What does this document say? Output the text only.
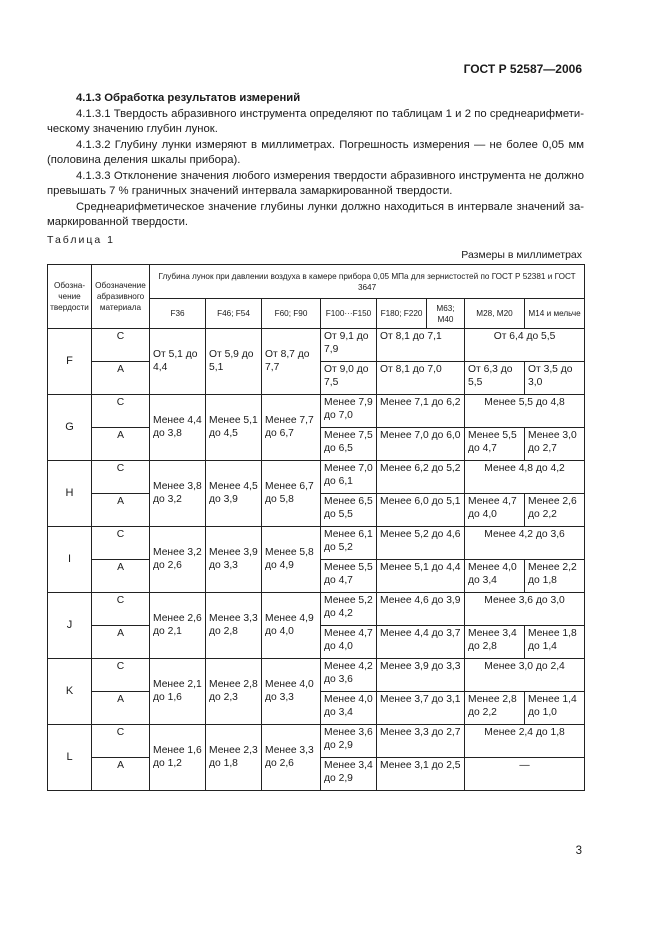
ГОСТ Р 52587—2006

4.1.3 Обработка результатов измерений

4.1.3.1 Твердость абразивного инструмента определяют по таблицам 1 и 2 по среднеарифметическому значению глубин лунок.

4.1.3.2 Глубину лунки измеряют в миллиметрах. Погрешность измерения — не более 0,05 мм (половина деления шкалы прибора).

4.1.3.3 Отклонение значения любого измерения твердости абразивного инструмента не должно превышать 7 % граничных значений интервала замаркированной твердости.

Среднеарифметическое значение глубины лунки должно находиться в интервале значений замаркированной твердости.

Таблица 1
Размеры в миллиметрах
Обозначение твердости	Обозначение абразивного материала	Глубина лунок при давлении воздуха в камере прибора 0,05 МПа для зернистостей по ГОСТ Р 52381 и ГОСТ 3647							
		F36	F46; F54	F60; F90	F100···F150	F180; F220	M63; M40	M28, M20	M14 и мельче
F	С	От 5,1 до 4,4	От 5,9 до 5,1	От 8,7 до 7,7	От 9,1 до 7,9	От 8,1 до 7,1		От 6,4 до 5,5	
	А				От 9,0 до 7,5	От 8,1 до 7,0		От 6,3 до 5,5	От 3,5 до 3,0
G	С	Менее 4,4 до 3,8	Менее 5,1 до 4,5	Менее 7,7 до 6,7	Менее 7,9 до 7,0	Менее 7,1 до 6,2		Менее 5,5 до 4,8	
	А				Менее 7,5 до 6,5	Менее 7,0 до 6,0		Менее 5,5 до 4,7	Менее 3,0 до 2,7
H	С	Менее 3,8 до 3,2	Менее 4,5 до 3,9	Менее 6,7 до 5,8	Менее 7,0 до 6,1	Менее 6,2 до 5,2		Менее 4,8 до 4,2	
	А				Менее 6,5 до 5,5	Менее 6,0 до 5,1		Менее 4,7 до 4,0	Менее 2,6 до 2,2
I	С	Менее 3,2 до 2,6	Менее 3,9 до 3,3	Менее 5,8 до 4,9	Менее 6,1 до 5,2	Менее 5,2 до 4,6		Менее 4,2 до 3,6	
	А				Менее 5,5 до 4,7	Менее 5,1 до 4,4		Менее 4,0 до 3,4	Менее 2,2 до 1,8
J	С	Менее 2,6 до 2,1	Менее 3,3 до 2,8	Менее 4,9 до 4,0	Менее 5,2 до 4,2	Менее 4,6 до 3,9		Менее 3,6 до 3,0	
	А				Менее 4,7 до 4,0	Менее 4,4 до 3,7		Менее 3,4 до 2,8	Менее 1,8 до 1,4
K	С	Менее 2,1 до 1,6	Менее 2,8 до 2,3	Менее 4,0 до 3,3	Менее 4,2 до 3,6	Менее 3,9 до 3,3		Менее 3,0 до 2,4	
	А				Менее 4,0 до 3,4	Менее 3,7 до 3,1		Менее 2,8 до 2,2	Менее 1,4 до 1,0
L	С	Менее 1,6 до 1,2	Менее 2,3 до 1,8	Менее 3,3 до 2,6	Менее 3,6 до 2,9	Менее 3,3 до 2,7		Менее 2,4 до 1,8	
	А				Менее 3,4 до 2,9	Менее 3,1 до 2,5		—	
3
